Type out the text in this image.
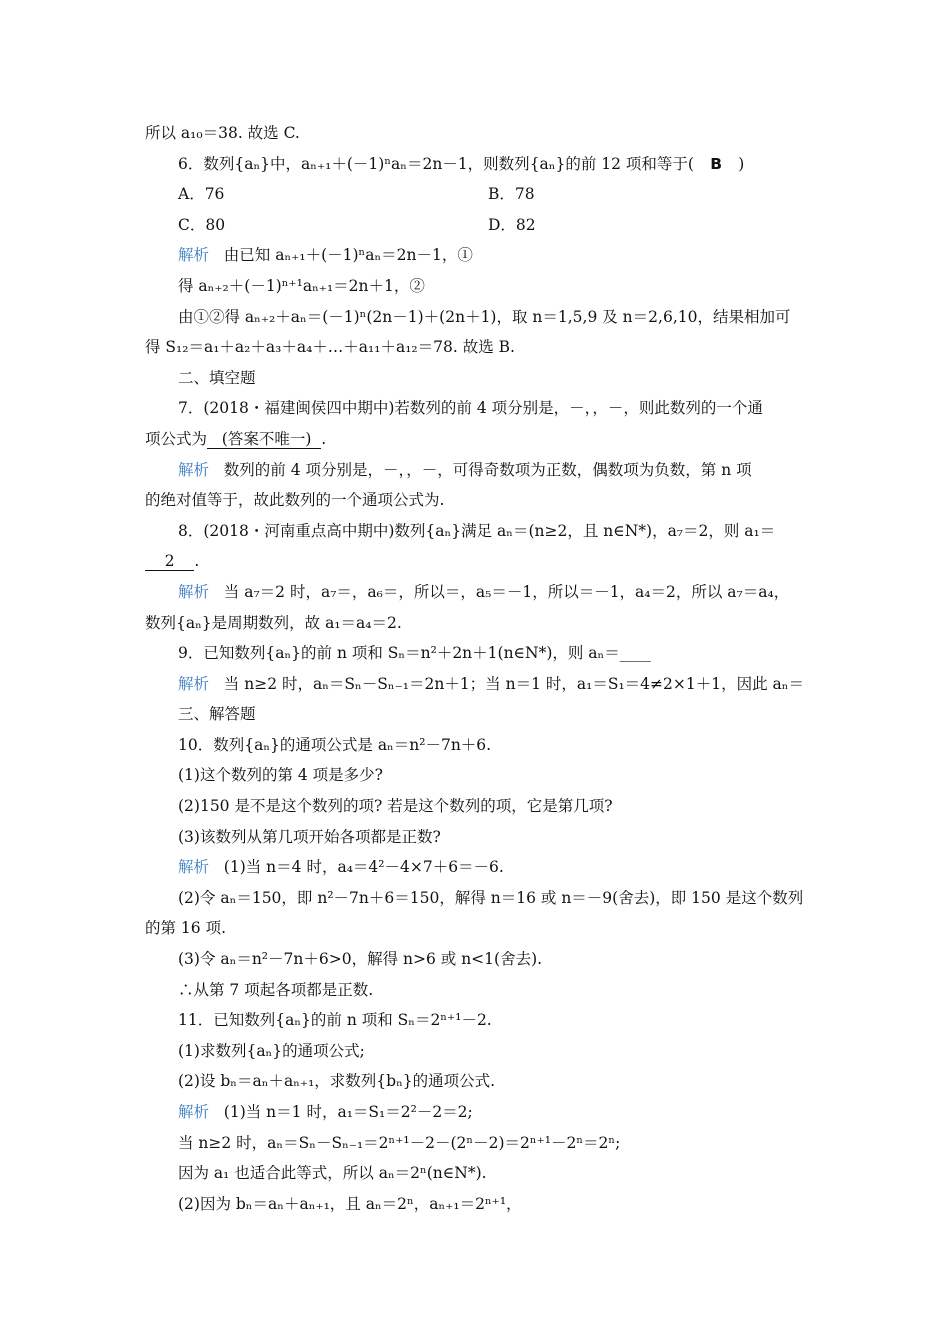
所以 a₁₀＝38. 故选 C.
6．数列{aₙ}中，aₙ₊₁＋(－1)ⁿaₙ＝2n－1，则数列{aₙ}的前 12 项和等于( B )
A．76	B．78
C．80	D．82
解析 由已知 aₙ₊₁＋(－1)ⁿaₙ＝2n－1，①
得 aₙ₊₂＋(－1)ⁿ⁺¹aₙ₊₁＝2n＋1，②
由①②得 aₙ₊₂＋aₙ＝(－1)ⁿ(2n－1)＋(2n＋1)，取 n＝1,5,9 及 n＝2,6,10，结果相加可
得 S₁₂＝a₁＋a₂＋a₃＋a₄＋…＋a₁₁＋a₁₂＝78. 故选 B.
二、填空题
7．(2018・福建闽侯四中期中)若数列的前 4 项分别是，－，，－，则此数列的一个通
项公式为 (答案不唯一) .
解析 数列的前 4 项分别是，－，，－，可得奇数项为正数，偶数项为负数，第 n 项
的绝对值等于，故此数列的一个通项公式为.
8．(2018・河南重点高中期中)数列{aₙ}满足 aₙ＝(n≥2，且 n∈N*)，a₇＝2，则 a₁＝
2 .
解析 当 a₇＝2 时，a₇＝，a₆＝，所以＝，a₅＝－1，所以＝－1，a₄＝2，所以 a₇＝a₄，
数列{aₙ}是周期数列，故 a₁＝a₄＝2.
9．已知数列{aₙ}的前 n 项和 Sₙ＝n²＋2n＋1(n∈N*)，则 aₙ＝____
解析 当 n≥2 时，aₙ＝Sₙ－Sₙ₋₁＝2n＋1；当 n＝1 时，a₁＝S₁＝4≠2×1＋1，因此 aₙ＝
三、解答题
10．数列{aₙ}的通项公式是 aₙ＝n²－7n＋6.
(1)这个数列的第 4 项是多少?
(2)150 是不是这个数列的项? 若是这个数列的项，它是第几项?
(3)该数列从第几项开始各项都是正数?
解析 (1)当 n＝4 时，a₄＝4²－4×7＋6＝－6.
(2)令 aₙ＝150，即 n²－7n＋6＝150，解得 n＝16 或 n＝－9(舍去)，即 150 是这个数列
的第 16 项.
(3)令 aₙ＝n²－7n＋6>0，解得 n>6 或 n<1(舍去).
∴从第 7 项起各项都是正数.
11．已知数列{aₙ}的前 n 项和 Sₙ＝2ⁿ⁺¹－2.
(1)求数列{aₙ}的通项公式;
(2)设 bₙ＝aₙ＋aₙ₊₁，求数列{bₙ}的通项公式.
解析 (1)当 n＝1 时，a₁＝S₁＝2²－2＝2;
当 n≥2 时，aₙ＝Sₙ－Sₙ₋₁＝2ⁿ⁺¹－2－(2ⁿ－2)＝2ⁿ⁺¹－2ⁿ＝2ⁿ;
因为 a₁ 也适合此等式，所以 aₙ＝2ⁿ(n∈N*).
(2)因为 bₙ＝aₙ＋aₙ₊₁，且 aₙ＝2ⁿ，aₙ₊₁＝2ⁿ⁺¹，
